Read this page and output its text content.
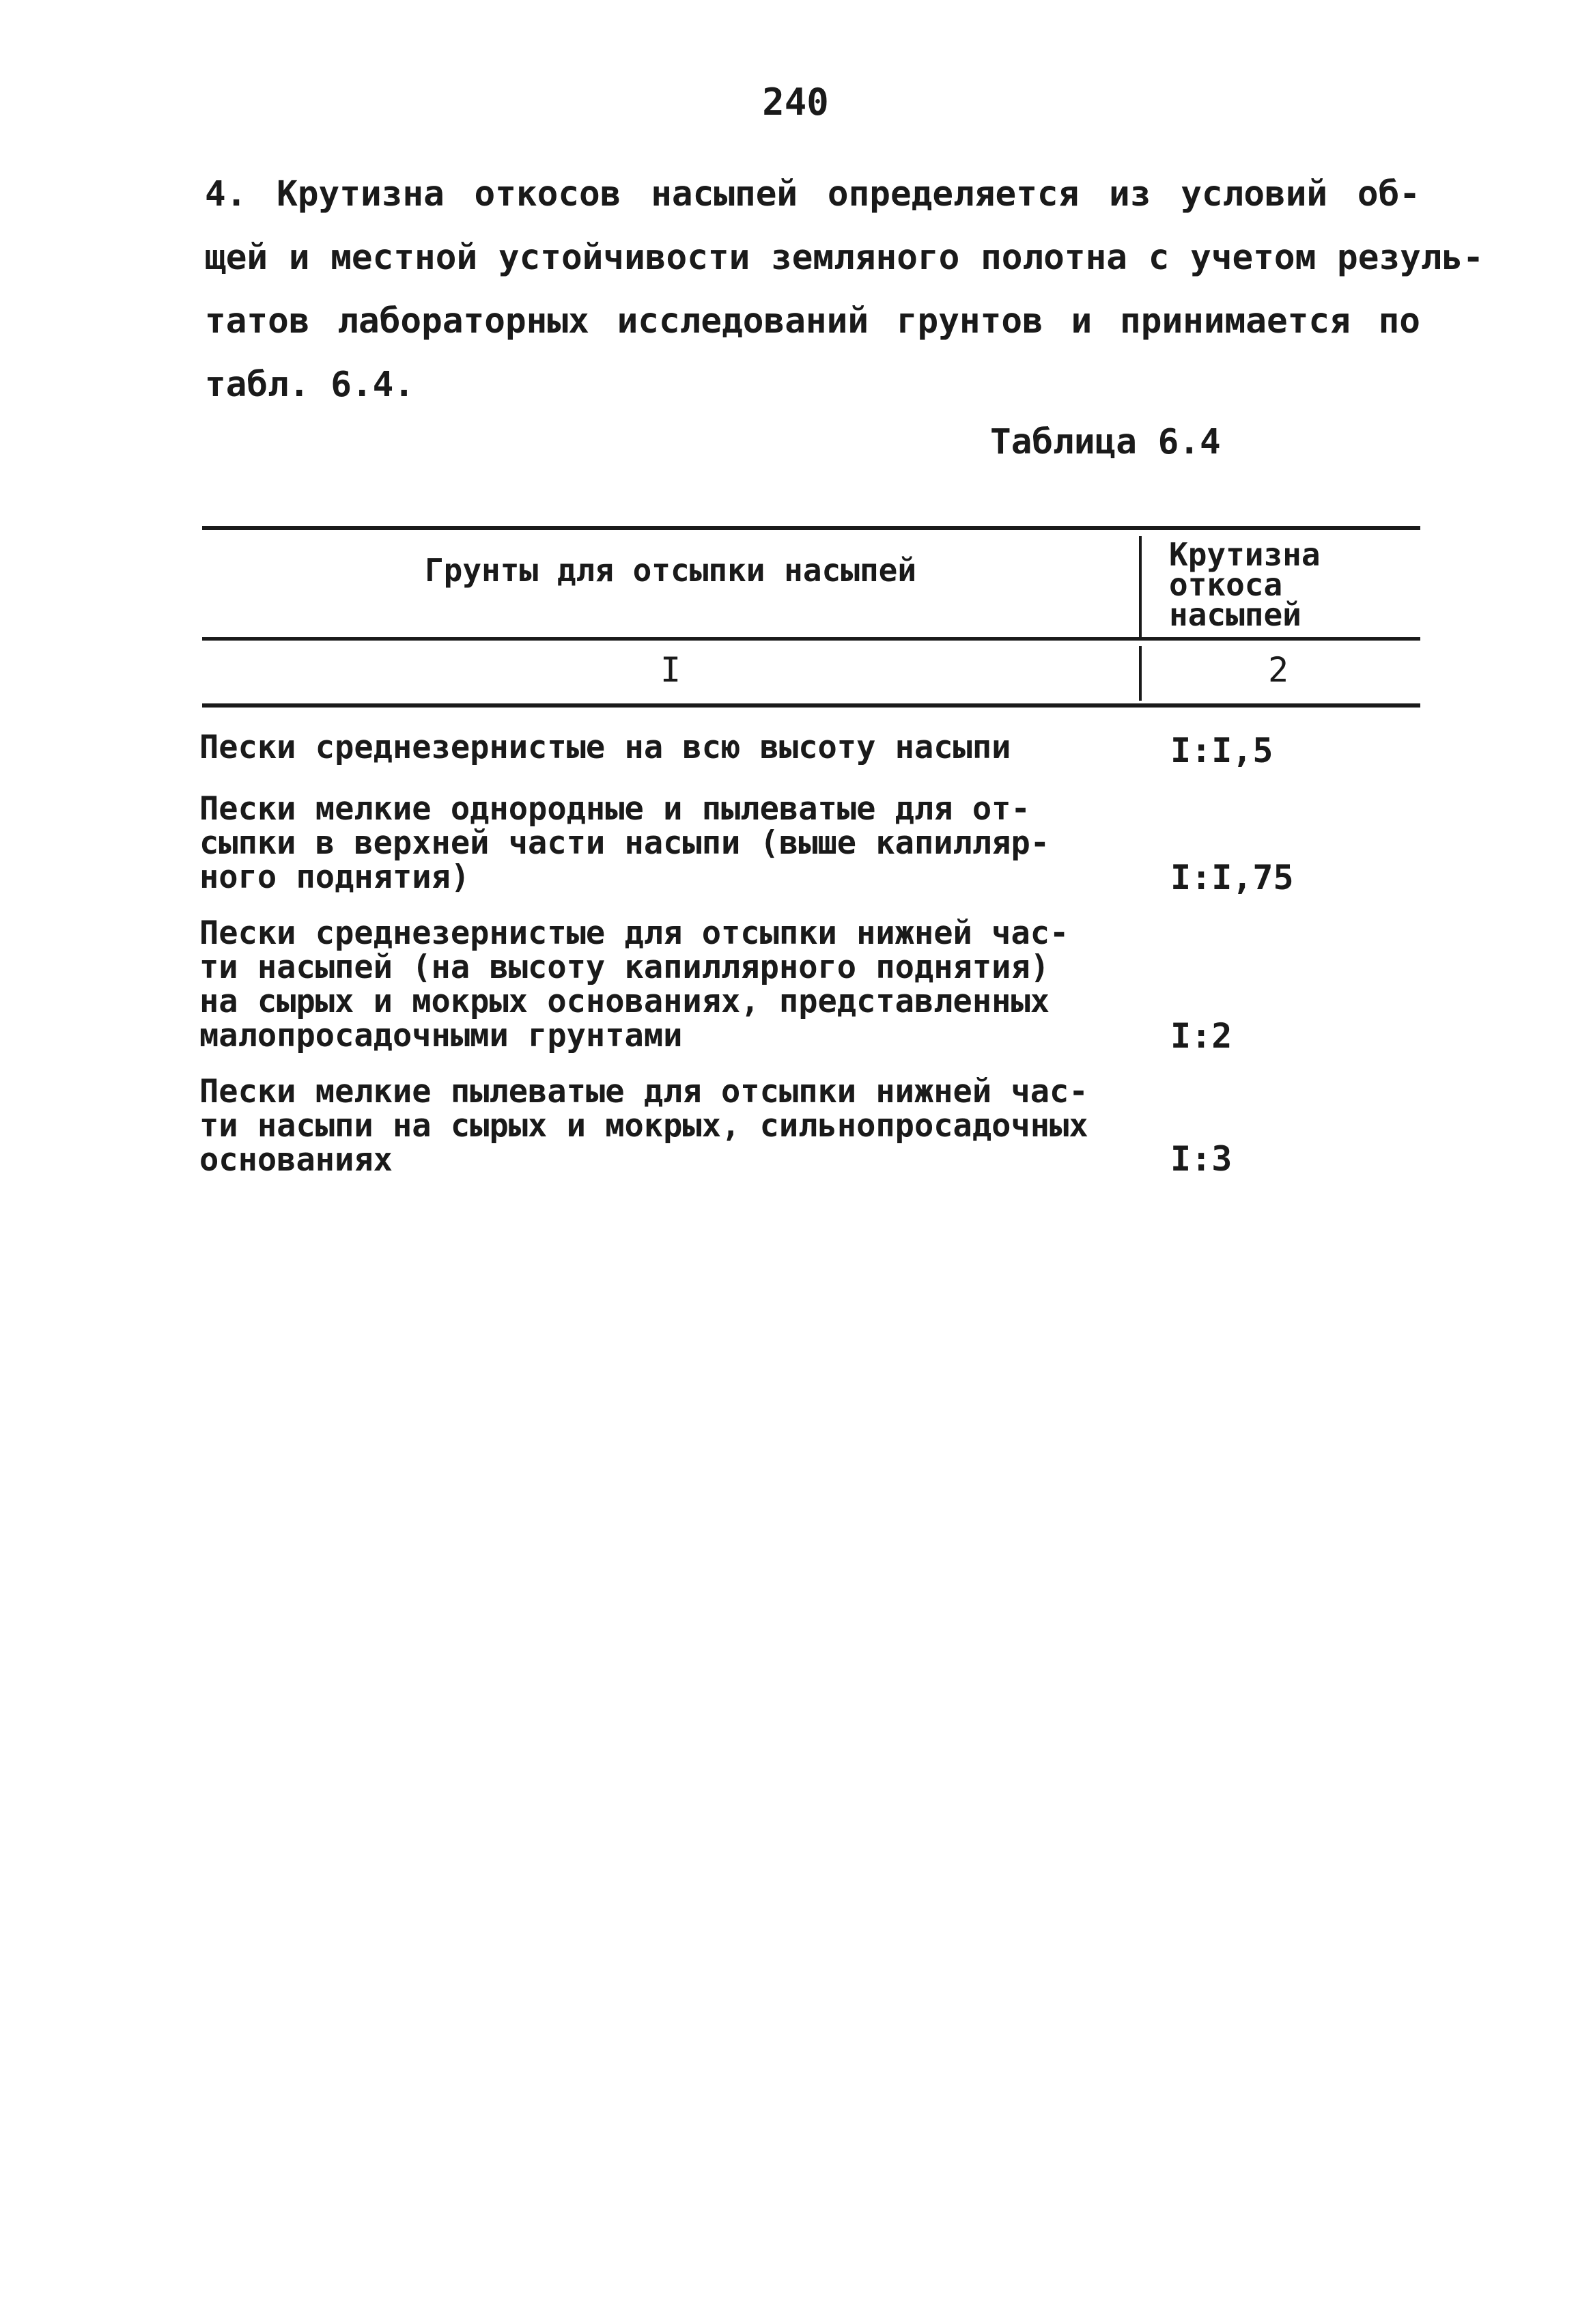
240
4. Крутизна откосов насыпей определяется из условий об-
щей и местной устойчивости земляного полотна с учетом резуль-
татов лабораторных исследований грунтов и принимается по
табл. 6.4.
Таблица 6.4
Грунты для отсыпки насыпей	Крутизна
откоса
насыпей
I	2
Пески среднезернистые на всю высоту насыпи	I:I,5
Пески мелкие однородные и пылеватые для от-
сыпки в верхней части насыпи (выше капилляр-
ного поднятия)	I:I,75
Пески среднезернистые для отсыпки нижней час-
ти насыпей (на высоту капиллярного поднятия)
на сырых и мокрых основаниях, представленных
малопросадочными грунтами	I:2
Пески мелкие пылеватые для отсыпки нижней час-
ти насыпи на сырых и мокрых, сильнопросадочных
основаниях	I:3
